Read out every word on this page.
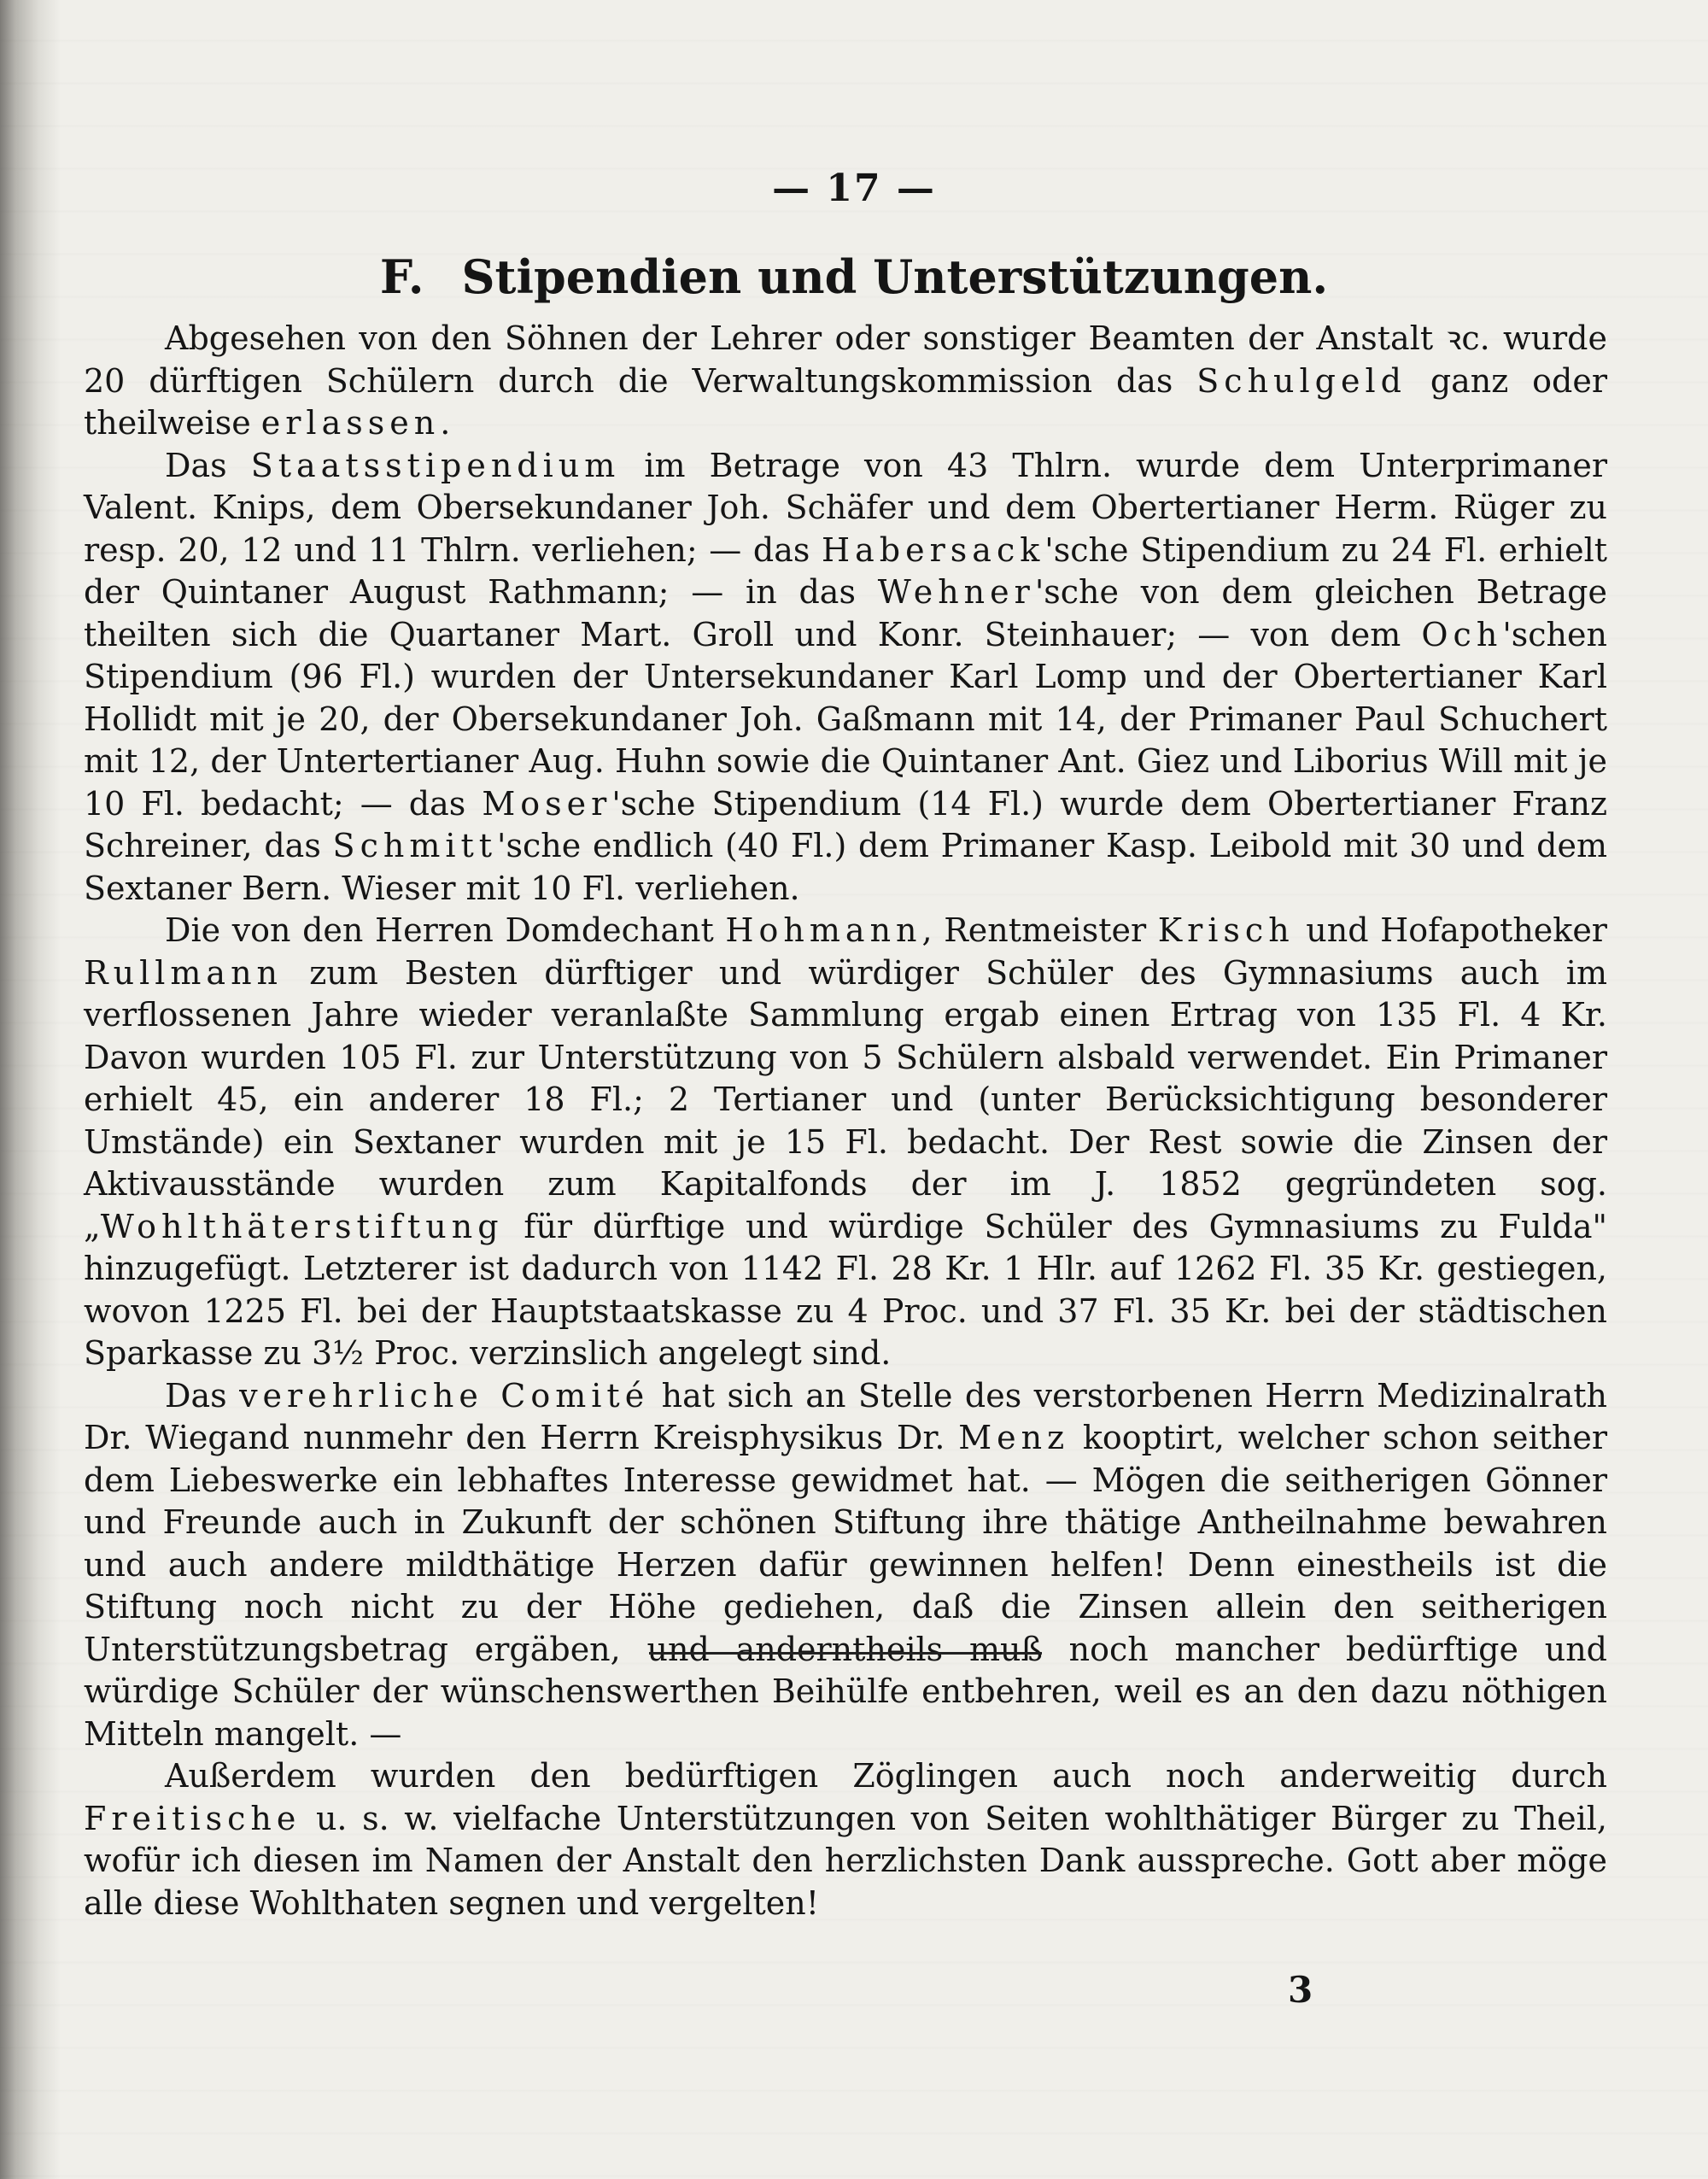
— 17 —
F. Stipendien und Unterstützungen.

Abgesehen von den Söhnen der Lehrer oder sonstiger Beamten der Anstalt ꝛc. wurde 20 dürftigen Schülern durch die Verwaltungskommission das Schulgeld ganz oder theilweise erlassen.

Das Staatsstipendium im Betrage von 43 Thlrn. wurde dem Unterprimaner Valent. Knips, dem Obersekundaner Joh. Schäfer und dem Obertertianer Herm. Rüger zu resp. 20, 12 und 11 Thlrn. verliehen; — das Habersack'sche Stipendium zu 24 Fl. erhielt der Quintaner August Rathmann; — in das Wehner'sche von dem gleichen Betrage theilten sich die Quartaner Mart. Groll und Konr. Steinhauer; — von dem Och'schen Stipendium (96 Fl.) wurden der Untersekundaner Karl Lomp und der Obertertianer Karl Hollidt mit je 20, der Obersekundaner Joh. Gaßmann mit 14, der Primaner Paul Schuchert mit 12, der Untertertianer Aug. Huhn sowie die Quintaner Ant. Giez und Liborius Will mit je 10 Fl. bedacht; — das Moser'sche Stipendium (14 Fl.) wurde dem Obertertianer Franz Schreiner, das Schmitt'sche endlich (40 Fl.) dem Primaner Kasp. Leibold mit 30 und dem Sextaner Bern. Wieser mit 10 Fl. verliehen.

Die von den Herren Domdechant Hohmann, Rentmeister Krisch und Hofapotheker Rullmann zum Besten dürftiger und würdiger Schüler des Gymnasiums auch im verflossenen Jahre wieder veranlaßte Sammlung ergab einen Ertrag von 135 Fl. 4 Kr. Davon wurden 105 Fl. zur Unterstützung von 5 Schülern alsbald verwendet. Ein Primaner erhielt 45, ein anderer 18 Fl.; 2 Tertianer und (unter Berücksichtigung besonderer Umstände) ein Sextaner wurden mit je 15 Fl. bedacht. Der Rest sowie die Zinsen der Aktivausstände wurden zum Kapitalfonds der im J. 1852 gegründeten sog. „Wohlthäterstiftung für dürftige und würdige Schüler des Gymnasiums zu Fulda" hinzugefügt. Letzterer ist dadurch von 1142 Fl. 28 Kr. 1 Hlr. auf 1262 Fl. 35 Kr. gestiegen, wovon 1225 Fl. bei der Hauptstaatskasse zu 4 Proc. und 37 Fl. 35 Kr. bei der städtischen Sparkasse zu 3½ Proc. verzinslich angelegt sind.

Das verehrliche Comité hat sich an Stelle des verstorbenen Herrn Medizinalrath Dr. Wiegand nunmehr den Herrn Kreisphysikus Dr. Menz kooptirt, welcher schon seither dem Liebeswerke ein lebhaftes Interesse gewidmet hat. — Mögen die seitherigen Gönner und Freunde auch in Zukunft der schönen Stiftung ihre thätige Antheilnahme bewahren und auch andere mildthätige Herzen dafür gewinnen helfen! Denn einestheils ist die Stiftung noch nicht zu der Höhe gediehen, daß die Zinsen allein den seitherigen Unterstützungsbetrag ergäben, und anderntheils muß noch mancher bedürftige und würdige Schüler der wünschenswerthen Beihülfe entbehren, weil es an den dazu nöthigen Mitteln mangelt. —

Außerdem wurden den bedürftigen Zöglingen auch noch anderweitig durch Freitische u. s. w. vielfache Unterstützungen von Seiten wohlthätiger Bürger zu Theil, wofür ich diesen im Namen der Anstalt den herzlichsten Dank ausspreche. Gott aber möge alle diese Wohlthaten segnen und vergelten!

3
